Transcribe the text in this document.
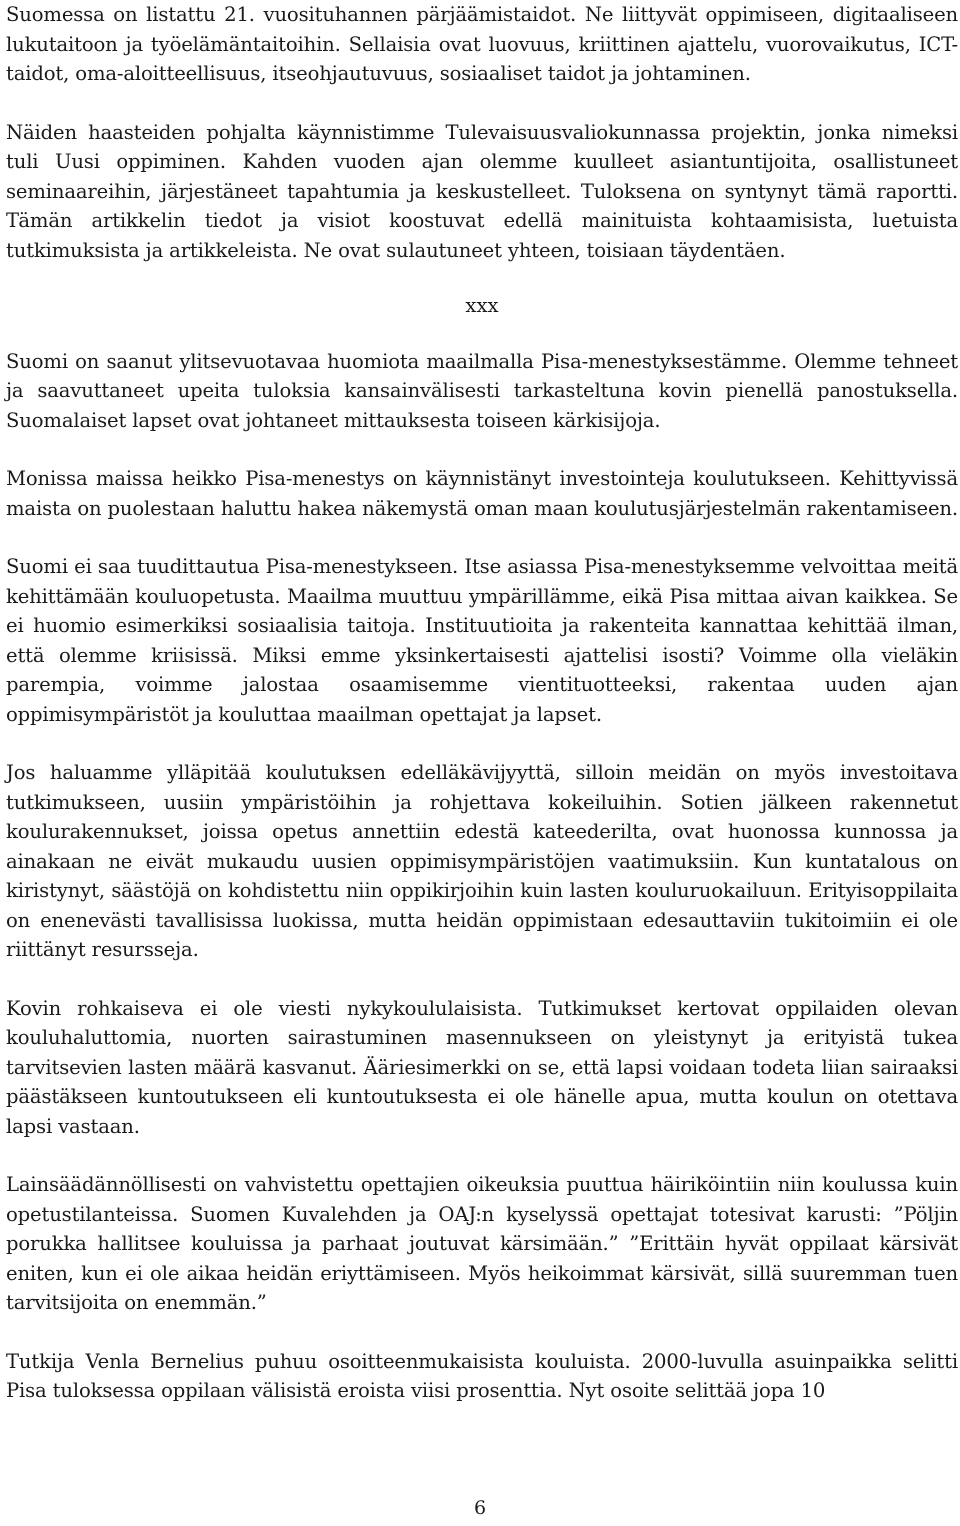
Suomessa on listattu 21. vuosituhannen pärjäämistaidot. Ne liittyvät oppimiseen, digitaaliseen lukutaitoon ja työelämäntaitoihin. Sellaisia ovat luovuus, kriittinen ajattelu, vuorovaikutus, ICT-taidot, oma-aloitteellisuus, itseohjautuvuus, sosiaaliset taidot ja johtaminen.

Näiden haasteiden pohjalta käynnistimme Tulevaisuusvaliokunnassa projektin, jonka nimeksi tuli Uusi oppiminen. Kahden vuoden ajan olemme kuulleet asiantuntijoita, osallistuneet seminaareihin, järjestäneet tapahtumia ja keskustelleet. Tuloksena on syntynyt tämä raportti. Tämän artikkelin tiedot ja visiot koostuvat edellä mainituista kohtaamisista, luetuista tutkimuksista ja artikkeleista. Ne ovat sulautuneet yhteen, toisiaan täydentäen.

xxx

Suomi on saanut ylitsevuotavaa huomiota maailmalla Pisa-menestyksestämme. Olemme tehneet ja saavuttaneet upeita tuloksia kansainvälisesti tarkasteltuna kovin pienellä panostuksella. Suomalaiset lapset ovat johtaneet mittauksesta toiseen kärkisijoja.

Monissa maissa heikko Pisa-menestys on käynnistänyt investointeja koulutukseen. Kehittyvissä maista on puolestaan haluttu hakea näkemystä oman maan koulutusjärjestelmän rakentamiseen.

Suomi ei saa tuudittautua Pisa-menestykseen. Itse asiassa Pisa-menestyksemme velvoittaa meitä kehittämään kouluopetusta. Maailma muuttuu ympärillämme, eikä Pisa mittaa aivan kaikkea. Se ei huomio esimerkiksi sosiaalisia taitoja. Instituutioita ja rakenteita kannattaa kehittää ilman, että olemme kriisissä. Miksi emme yksinkertaisesti ajattelisi isosti? Voimme olla vieläkin parempia, voimme jalostaa osaamisemme vientituotteeksi, rakentaa uuden ajan oppimisympäristöt ja kouluttaa maailman opettajat ja lapset.

Jos haluamme ylläpitää koulutuksen edelläkävijyyttä, silloin meidän on myös investoitava tutkimukseen, uusiin ympäristöihin ja rohjettava kokeiluihin. Sotien jälkeen rakennetut koulurakennukset, joissa opetus annettiin edestä kateederilta, ovat huonossa kunnossa ja ainakaan ne eivät mukaudu uusien oppimisympäristöjen vaatimuksiin. Kun kuntatalous on kiristynyt, säästöjä on kohdistettu niin oppikirjoihin kuin lasten kouluruokailuun. Erityisoppilaita on enenevästi tavallisissa luokissa, mutta heidän oppimistaan edesauttaviin tukitoimiin ei ole riittänyt resursseja.

Kovin rohkaiseva ei ole viesti nykykoululaisista. Tutkimukset kertovat oppilaiden olevan kouluhaluttomia, nuorten sairastuminen masennukseen on yleistynyt ja erityistä tukea tarvitsevien lasten määrä kasvanut. Ääriesimerkki on se, että lapsi voidaan todeta liian sairaaksi päästäkseen kuntoutukseen eli kuntoutuksesta ei ole hänelle apua, mutta koulun on otettava lapsi vastaan.

Lainsäädännöllisesti on vahvistettu opettajien oikeuksia puuttua häiriköintiin niin koulussa kuin opetustilanteissa. Suomen Kuvalehden ja OAJ:n kyselyssä opettajat totesivat karusti: ”Pöljin porukka hallitsee kouluissa ja parhaat joutuvat kärsimään.” ”Erittäin hyvät oppilaat kärsivät eniten, kun ei ole aikaa heidän eriyttämiseen. Myös heikoimmat kärsivät, sillä suuremman tuen tarvitsijoita on enemmän.”

Tutkija Venla Bernelius puhuu osoitteenmukaisista kouluista. 2000-luvulla asuinpaikka selitti Pisa tuloksessa oppilaan välisistä eroista viisi prosenttia. Nyt osoite selittää jopa 10

6
